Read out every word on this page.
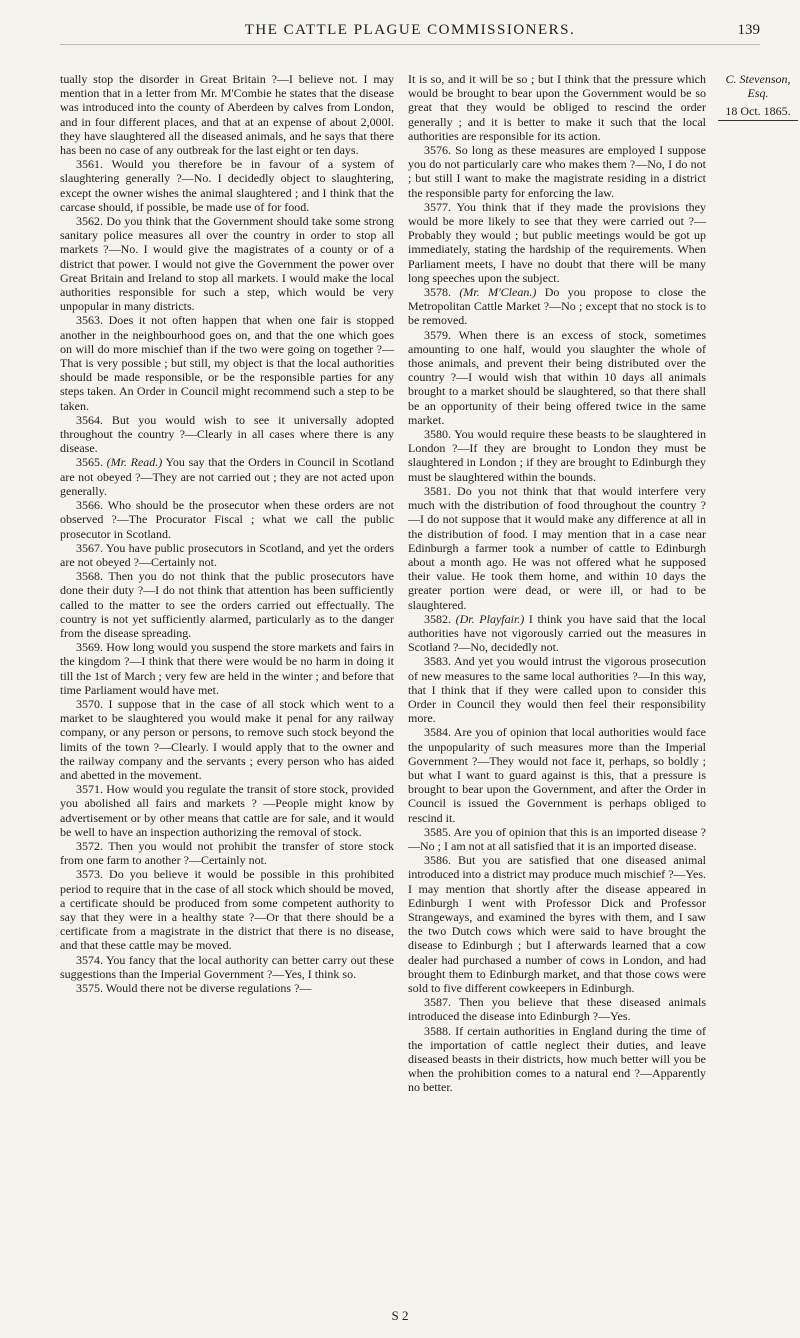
THE CATTLE PLAGUE COMMISSIONERS.	139

tually stop the disorder in Great Britain ?—I believe not. I may mention that in a letter from Mr. M'Combie he states that the disease was introduced into the county of Aberdeen by calves from London, and in four different places, and that at an expense of about 2,000l. they have slaughtered all the diseased animals, and he says that there has been no case of any outbreak for the last eight or ten days.

3561. Would you therefore be in favour of a system of slaughtering generally ?—No. I decidedly object to slaughtering, except the owner wishes the animal slaughtered ; and I think that the carcase should, if possible, be made use of for food.

3562. Do you think that the Government should take some strong sanitary police measures all over the country in order to stop all markets ?—No. I would give the magistrates of a county or of a district that power. I would not give the Government the power over Great Britain and Ireland to stop all markets. I would make the local authorities responsible for such a step, which would be very unpopular in many districts.

3563. Does it not often happen that when one fair is stopped another in the neighbourhood goes on, and that the one which goes on will do more mischief than if the two were going on together ?—That is very possible ; but still, my object is that the local authorities should be made responsible, or be the responsible parties for any steps taken. An Order in Council might recommend such a step to be taken.

3564. But you would wish to see it universally adopted throughout the country ?—Clearly in all cases where there is any disease.

3565. (Mr. Read.) You say that the Orders in Council in Scotland are not obeyed ?—They are not carried out ; they are not acted upon generally.

3566. Who should be the prosecutor when these orders are not observed ?—The Procurator Fiscal ; what we call the public prosecutor in Scotland.

3567. You have public prosecutors in Scotland, and yet the orders are not obeyed ?—Certainly not.

3568. Then you do not think that the public prosecutors have done their duty ?—I do not think that attention has been sufficiently called to the matter to see the orders carried out effectually. The country is not yet sufficiently alarmed, particularly as to the danger from the disease spreading.

3569. How long would you suspend the store markets and fairs in the kingdom ?—I think that there were would be no harm in doing it till the 1st of March ; very few are held in the winter ; and before that time Parliament would have met.

3570. I suppose that in the case of all stock which went to a market to be slaughtered you would make it penal for any railway company, or any person or persons, to remove such stock beyond the limits of the town ?—Clearly. I would apply that to the owner and the railway company and the servants ; every person who has aided and abetted in the movement.

3571. How would you regulate the transit of store stock, provided you abolished all fairs and markets ? —People might know by advertisement or by other means that cattle are for sale, and it would be well to have an inspection authorizing the removal of stock.

3572. Then you would not prohibit the transfer of store stock from one farm to another ?—Certainly not.

3573. Do you believe it would be possible in this prohibited period to require that in the case of all stock which should be moved, a certificate should be produced from some competent authority to say that they were in a healthy state ?—Or that there should be a certificate from a magistrate in the district that there is no disease, and that these cattle may be moved.

3574. You fancy that the local authority can better carry out these suggestions than the Imperial Government ?—Yes, I think so.

3575. Would there not be diverse regulations ?—

It is so, and it will be so ; but I think that the pressure which would be brought to bear upon the Government would be so great that they would be obliged to rescind the order generally ; and it is better to make it such that the local authorities are responsible for its action.

3576. So long as these measures are employed I suppose you do not particularly care who makes them ?—No, I do not ; but still I want to make the magistrate residing in a district the responsible party for enforcing the law.

3577. You think that if they made the provisions they would be more likely to see that they were carried out ?—Probably they would ; but public meetings would be got up immediately, stating the hardship of the requirements. When Parliament meets, I have no doubt that there will be many long speeches upon the subject.

3578. (Mr. M'Clean.) Do you propose to close the Metropolitan Cattle Market ?—No ; except that no stock is to be removed.

3579. When there is an excess of stock, sometimes amounting to one half, would you slaughter the whole of those animals, and prevent their being distributed over the country ?—I would wish that within 10 days all animals brought to a market should be slaughtered, so that there shall be an opportunity of their being offered twice in the same market.

3580. You would require these beasts to be slaughtered in London ?—If they are brought to London they must be slaughtered in London ; if they are brought to Edinburgh they must be slaughtered within the bounds.

3581. Do you not think that that would interfere very much with the distribution of food throughout the country ?—I do not suppose that it would make any difference at all in the distribution of food. I may mention that in a case near Edinburgh a farmer took a number of cattle to Edinburgh about a month ago. He was not offered what he supposed their value. He took them home, and within 10 days the greater portion were dead, or were ill, or had to be slaughtered.

3582. (Dr. Playfair.) I think you have said that the local authorities have not vigorously carried out the measures in Scotland ?—No, decidedly not.

3583. And yet you would intrust the vigorous prosecution of new measures to the same local authorities ?—In this way, that I think that if they were called upon to consider this Order in Council they would then feel their responsibility more.

3584. Are you of opinion that local authorities would face the unpopularity of such measures more than the Imperial Government ?—They would not face it, perhaps, so boldly ; but what I want to guard against is this, that a pressure is brought to bear upon the Government, and after the Order in Council is issued the Government is perhaps obliged to rescind it.

3585. Are you of opinion that this is an imported disease ?—No ; I am not at all satisfied that it is an imported disease.

3586. But you are satisfied that one diseased animal introduced into a district may produce much mischief ?—Yes. I may mention that shortly after the disease appeared in Edinburgh I went with Professor Dick and Professor Strangeways, and examined the byres with them, and I saw the two Dutch cows which were said to have brought the disease to Edinburgh ; but I afterwards learned that a cow dealer had purchased a number of cows in London, and had brought them to Edinburgh market, and that those cows were sold to five different cowkeepers in Edinburgh.

3587. Then you believe that these diseased animals introduced the disease into Edinburgh ?—Yes.

3588. If certain authorities in England during the time of the importation of cattle neglect their duties, and leave diseased beasts in their districts, how much better will you be when the prohibition comes to a natural end ?—Apparently no better.

C. Stevenson, Esq.
18 Oct. 1865.
S 2
